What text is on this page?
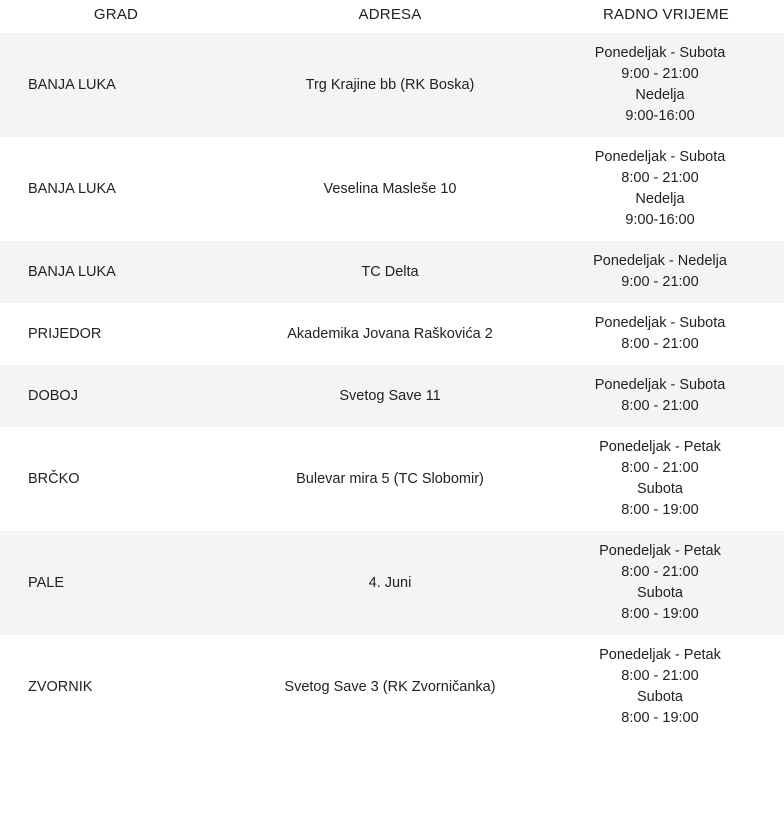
GRAD	ADRESA	RADNO VRIJEME
BANJA LUKA	Trg Krajine bb (RK Boska)	Ponedeljak - Subota
9:00 - 21:00
Nedelja
9:00-16:00

BANJA LUKA	Veselina Masleše 10	Ponedeljak - Subota
8:00 - 21:00
Nedelja
9:00-16:00

BANJA LUKA	TC Delta	Ponedeljak - Nedelja
9:00 - 21:00

PRIJEDOR	Akademika Jovana Raškovića 2	Ponedeljak - Subota
8:00 - 21:00

DOBOJ	Svetog Save 11	Ponedeljak - Subota
8:00 - 21:00

BRČKO	Bulevar mira 5 (TC Slobomir)	Ponedeljak - Petak
8:00 - 21:00
Subota
8:00 - 19:00

PALE	4. Juni	Ponedeljak - Petak
8:00 - 21:00
Subota
8:00 - 19:00

ZVORNIK	Svetog Save 3 (RK Zvorničanka)	Ponedeljak - Petak
8:00 - 21:00
Subota
8:00 - 19:00
